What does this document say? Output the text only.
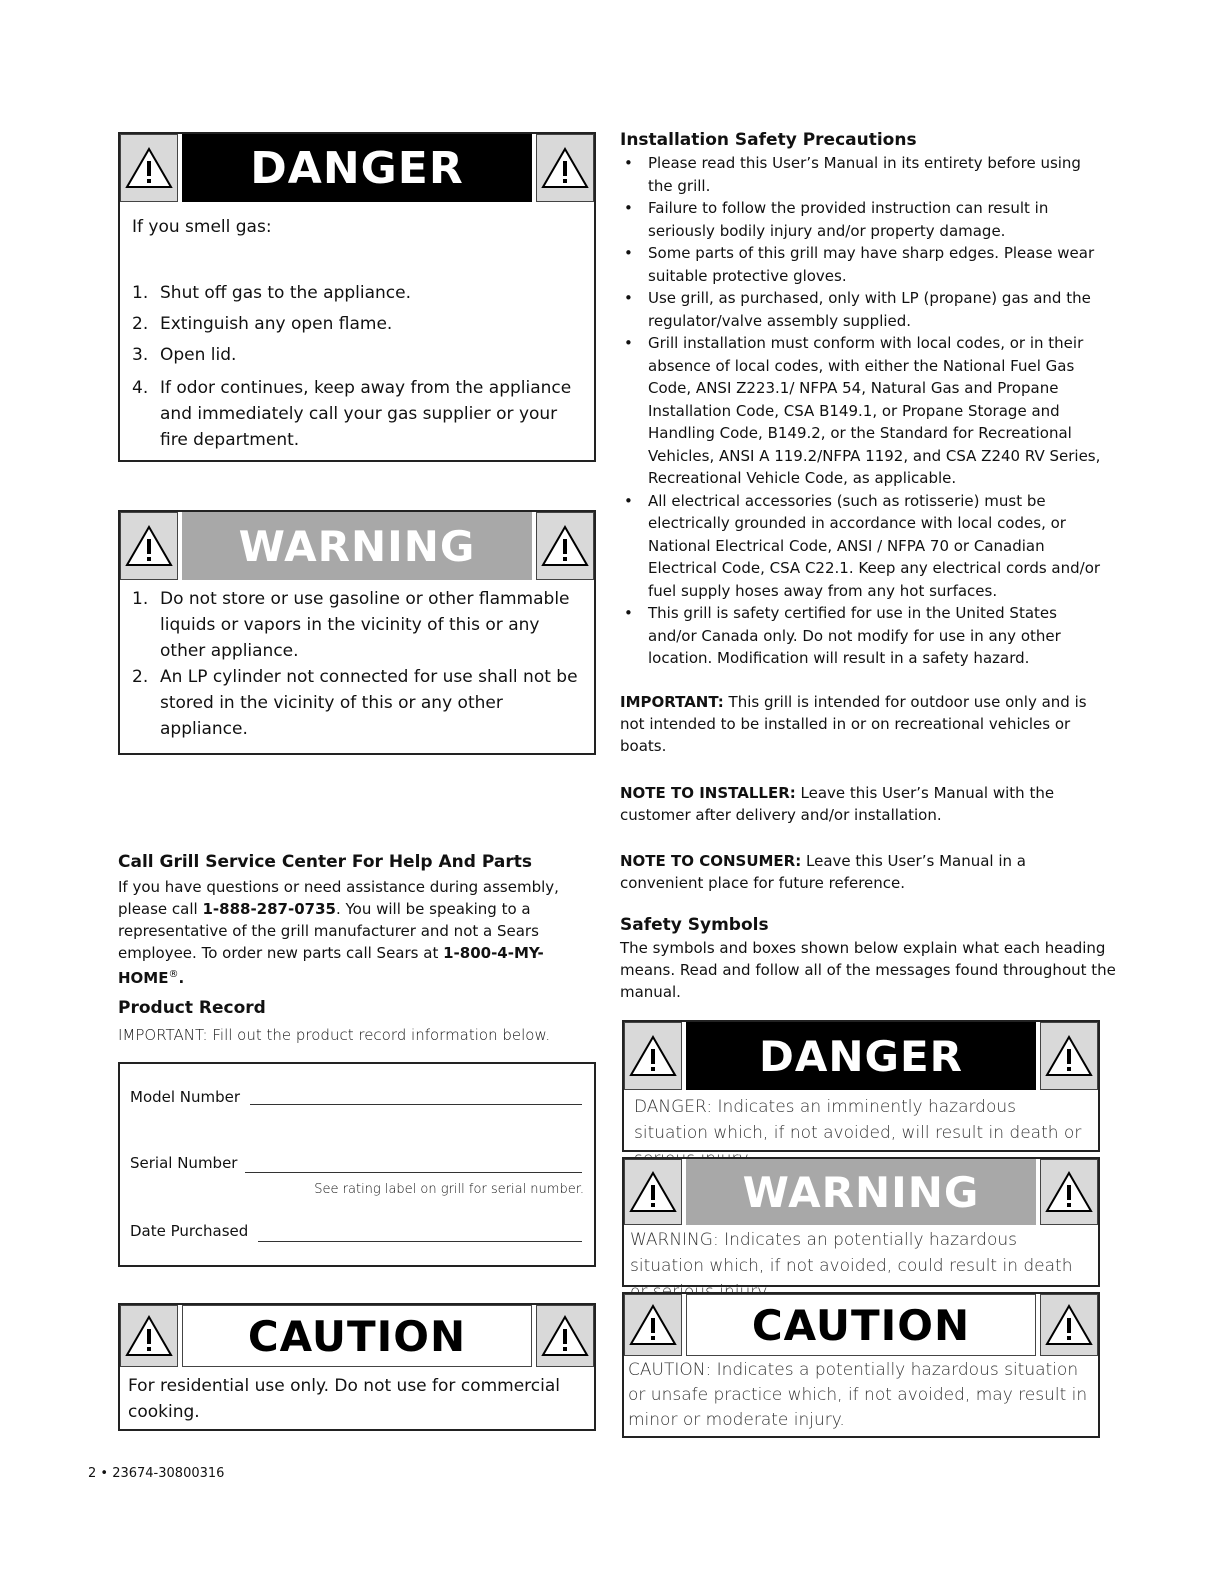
DANGER
If you smell gas:
1. Shut off gas to the appliance.
2. Extinguish any open flame.
3. Open lid.
4. If odor continues, keep away from the appliance and immediately call your gas supplier or your fire department.
WARNING
1. Do not store or use gasoline or other flammable liquids or vapors in the vicinity of this or any other appliance.
2. An LP cylinder not connected for use shall not be stored in the vicinity of this or any other appliance.
Call Grill Service Center For Help And Parts
If you have questions or need assistance during assembly, please call 1-888-287-0735. You will be speaking to a representative of the grill manufacturer and not a Sears employee. To order new parts call Sears at 1-800-4-MY-HOME®.
Product Record
IMPORTANT: Fill out the product record information below.
Model Number
Serial Number
See rating label on grill for serial number.
Date Purchased
CAUTION
For residential use only. Do not use for commercial cooking.
2 • 23674-30800316
Installation Safety Precautions
• Please read this User’s Manual in its entirety before using the grill.
• Failure to follow the provided instruction can result in seriously bodily injury and/or property damage.
• Some parts of this grill may have sharp edges. Please wear suitable protective gloves.
• Use grill, as purchased, only with LP (propane) gas and the regulator/valve assembly supplied.
• Grill installation must conform with local codes, or in their absence of local codes, with either the National Fuel Gas Code, ANSI Z223.1/ NFPA 54, Natural Gas and Propane Installation Code, CSA B149.1, or Propane Storage and Handling Code, B149.2, or the Standard for Recreational Vehicles, ANSI A 119.2/NFPA 1192, and CSA Z240 RV Series, Recreational Vehicle Code, as applicable.
• All electrical accessories (such as rotisserie) must be electrically grounded in accordance with local codes, or National Electrical Code, ANSI / NFPA 70 or Canadian Electrical Code, CSA C22.1. Keep any electrical cords and/or fuel supply hoses away from any hot surfaces.
• This grill is safety certified for use in the United States and/or Canada only. Do not modify for use in any other location. Modification will result in a safety hazard.
IMPORTANT: This grill is intended for outdoor use only and is not intended to be installed in or on recreational vehicles or boats.
NOTE TO INSTALLER: Leave this User’s Manual with the customer after delivery and/or installation.
NOTE TO CONSUMER: Leave this User’s Manual in a convenient place for future reference.
Safety Symbols
The symbols and boxes shown below explain what each heading means. Read and follow all of the messages found throughout the manual.
DANGER
DANGER: Indicates an imminently hazardous situation which, if not avoided, will result in death or
WARNING
WARNING: Indicates an potentially hazardous situation which, if not avoided, could result in death
CAUTION
CAUTION: Indicates a potentially hazardous situation or unsafe practice which, if not avoided, may result in minor or moderate injury.
